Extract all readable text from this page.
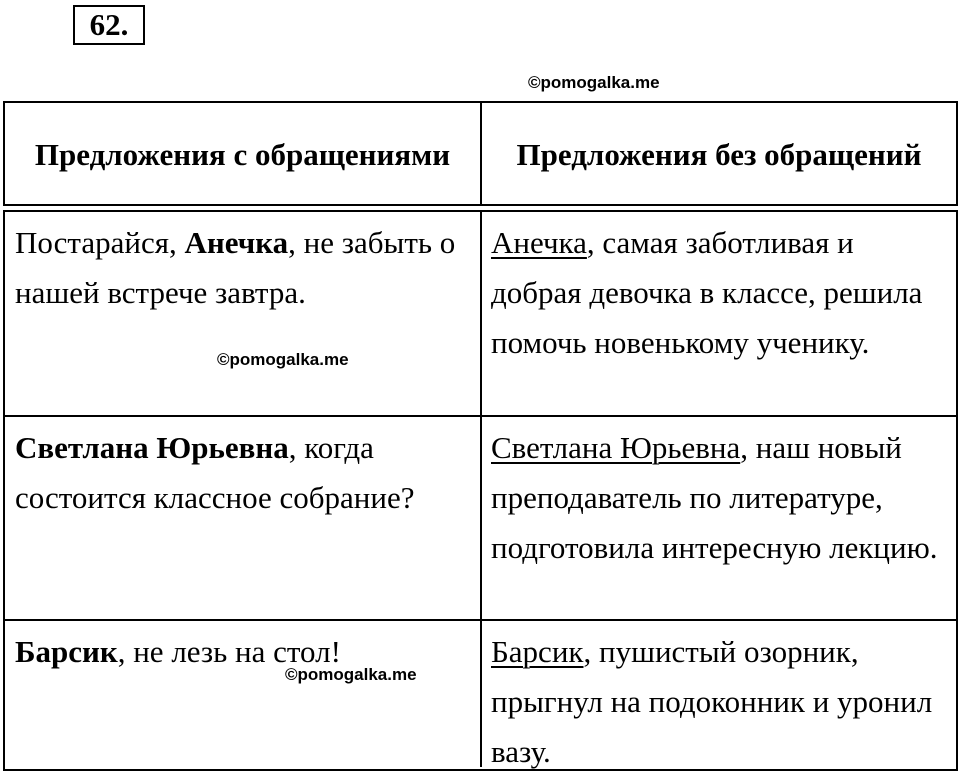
62.
©pomogalka.me
Предложения с обращениями	Предложения без обращений
Постарайся, Анечка, не забыть о нашей встрече завтра.
Анечка, самая заботливая и добрая девочка в классе, решила помочь новенькому ученику.
Светлана Юрьевна, когда состоится классное собрание?
Светлана Юрьевна, наш новый преподаватель по литературе, подготовила интересную лекцию.
Барсик, не лезь на стол!	Барсик, пушистый озорник, прыгнул на подоконник и уронил вазу.
©pomogalka.me
©pomogalka.me
